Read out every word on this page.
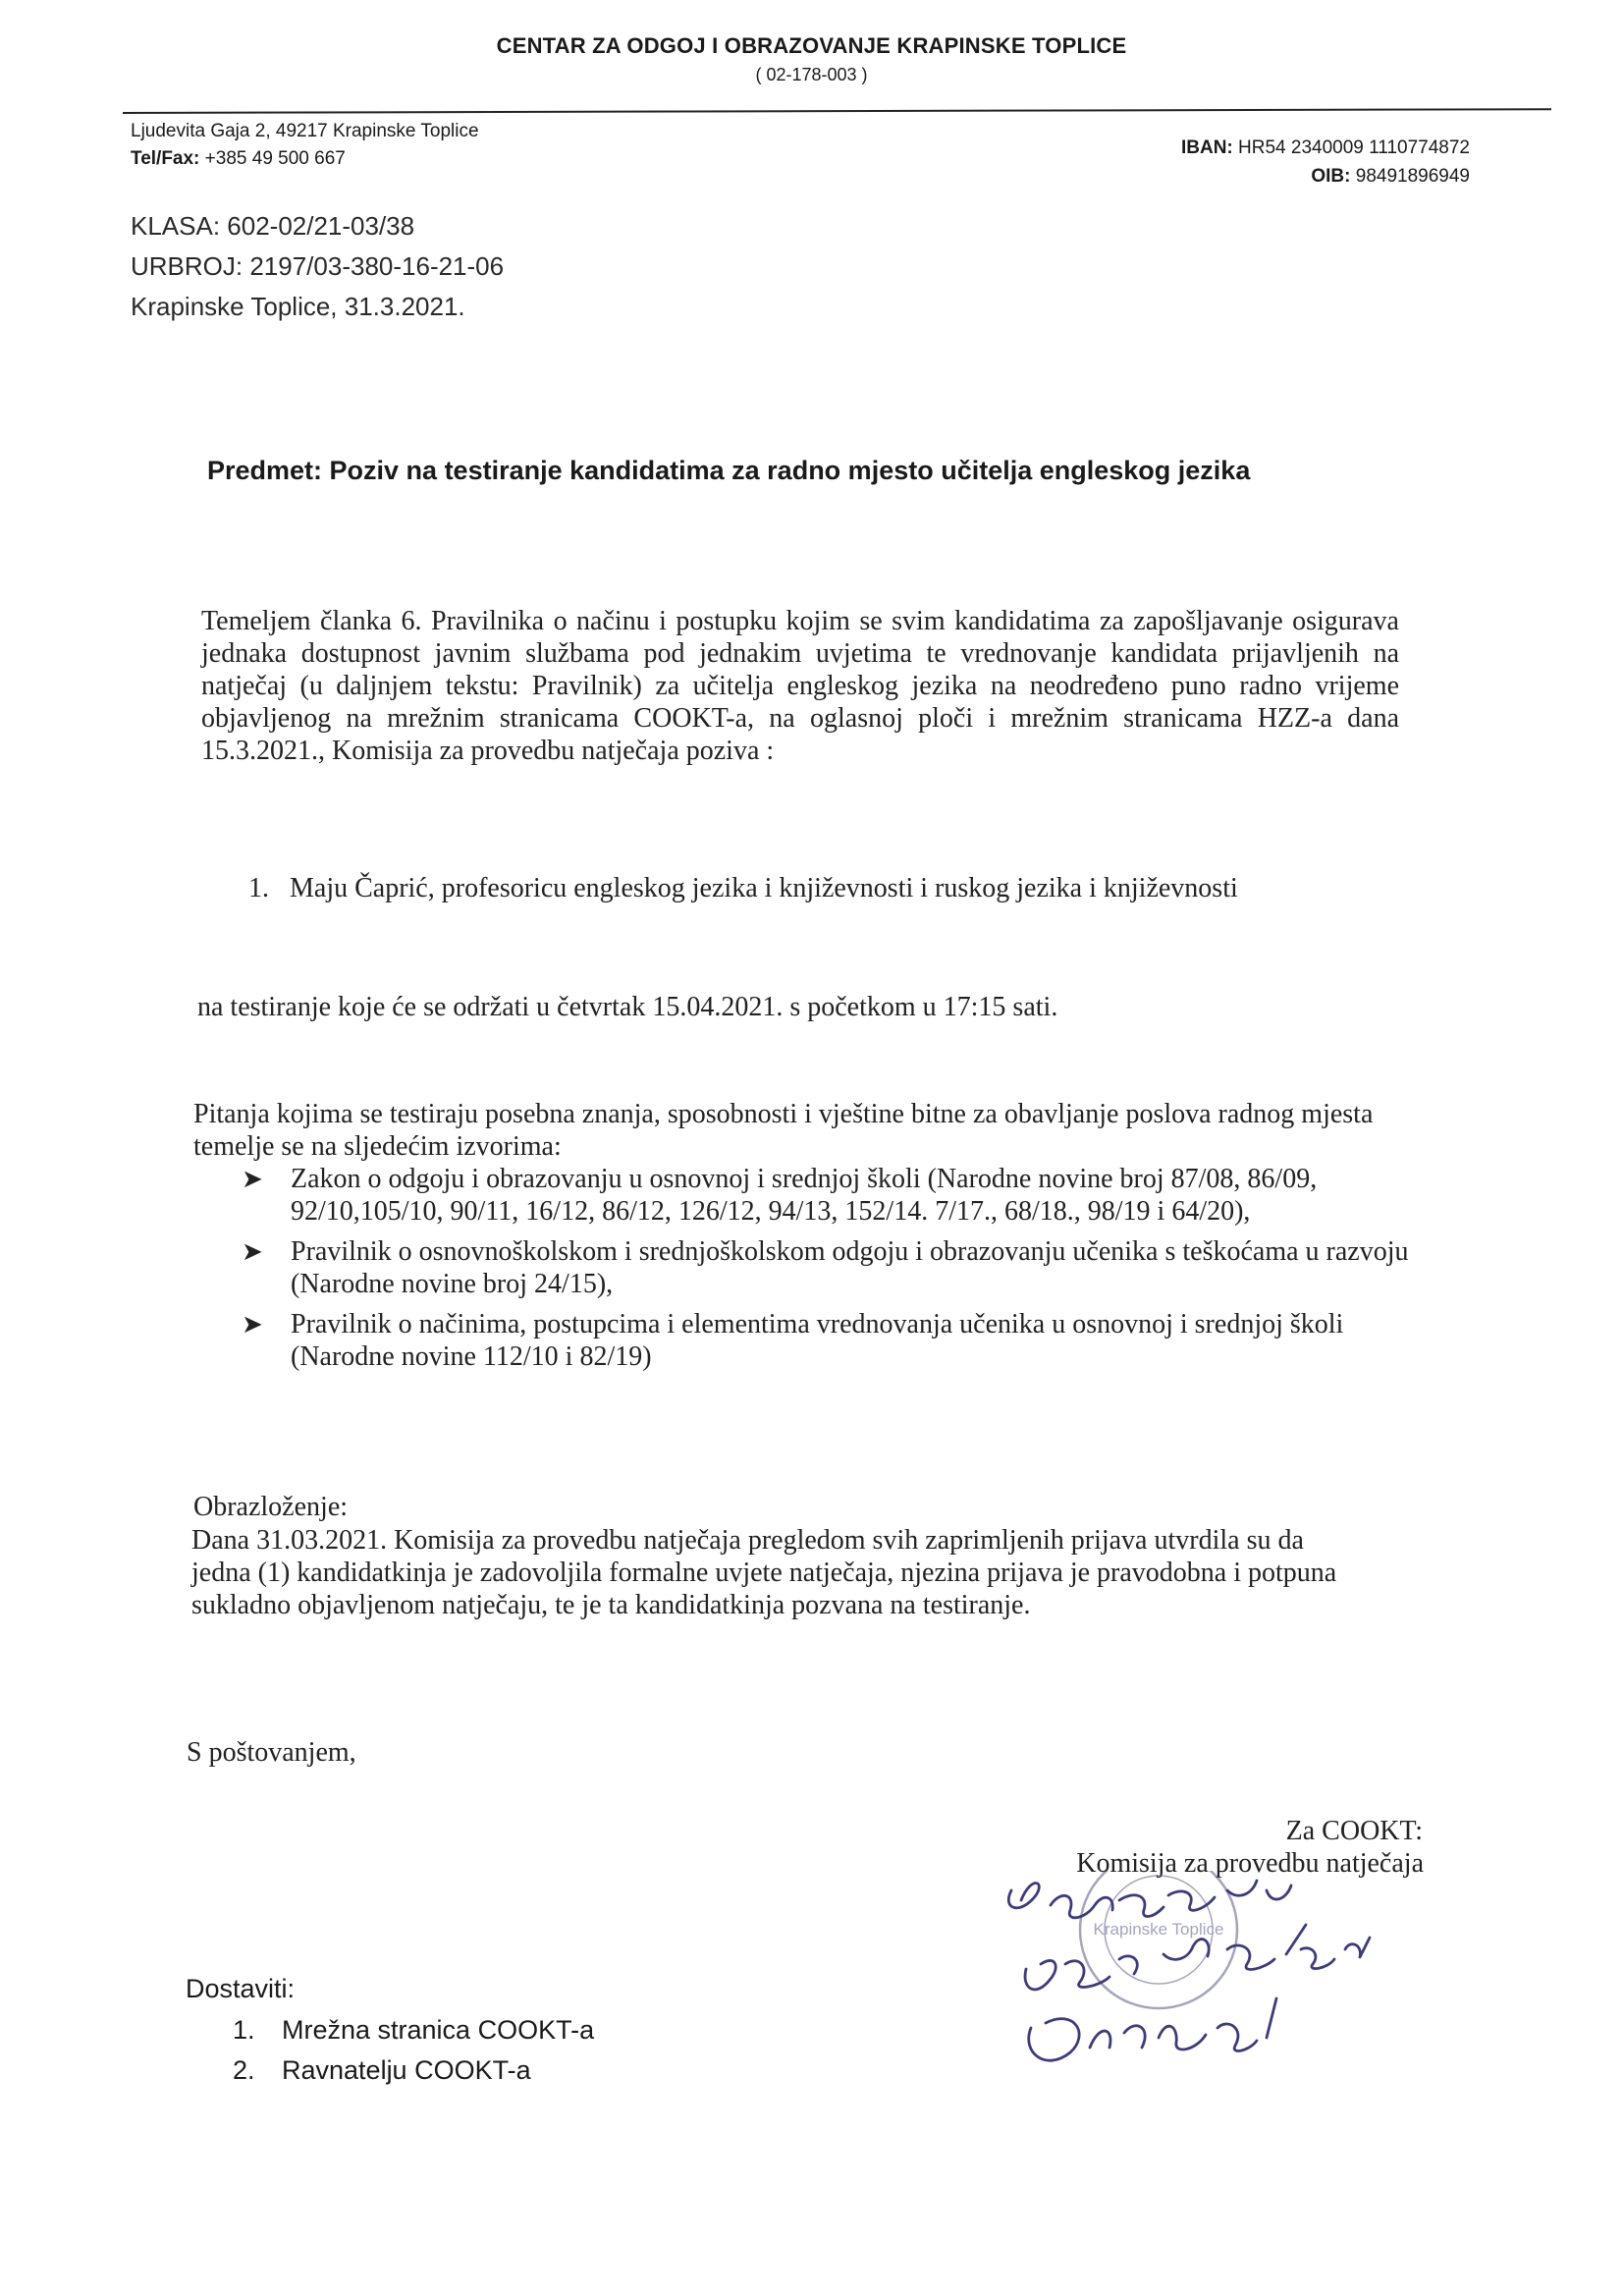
CENTAR ZA ODGOJ I OBRAZOVANJE KRAPINSKE TOPLICE
( 02-178-003 )
Ljudevita Gaja 2, 49217 Krapinske Toplice
Tel/Fax: +385 49 500 667
IBAN: HR54 2340009 1110774872
OIB: 98491896949
KLASA: 602-02/21-03/38
URBROJ: 2197/03-380-16-21-06
Krapinske Toplice, 31.3.2021.
Predmet: Poziv na testiranje kandidatima za radno mjesto učitelja engleskog jezika
Temeljem članka 6. Pravilnika o načinu i postupku kojim se svim kandidatima za zapošljavanje osigurava jednaka dostupnost javnim službama pod jednakim uvjetima te vrednovanje kandidata prijavljenih na natječaj (u daljnjem tekstu: Pravilnik) za učitelja engleskog jezika na neodređeno puno radno vrijeme objavljenog na mrežnim stranicama COOKT-a, na oglasnoj ploči i mrežnim stranicama HZZ-a dana 15.3.2021., Komisija za provedbu natječaja poziva :
1. Maju Čaprić, profesoricu engleskog jezika i književnosti i ruskog jezika i književnosti
na testiranje koje će se održati u četvrtak 15.04.2021. s početkom u 17:15 sati.
Pitanja kojima se testiraju posebna znanja, sposobnosti i vještine bitne za obavljanje poslova radnog mjesta temelje se na sljedećim izvorima:
➤ Zakon o odgoju i obrazovanju u osnovnoj i srednjoj školi (Narodne novine broj 87/08, 86/09, 92/10,105/10, 90/11, 16/12, 86/12, 126/12, 94/13, 152/14. 7/17., 68/18., 98/19 i 64/20),
➤ Pravilnik o osnovnoškolskom i srednjoškolskom odgoju i obrazovanju učenika s teškoćama u razvoju (Narodne novine broj 24/15),
➤ Pravilnik o načinima, postupcima i elementima vrednovanja učenika u osnovnoj i srednjoj školi (Narodne novine 112/10 i 82/19)
Obrazloženje:
Dana 31.03.2021. Komisija za provedbu natječaja pregledom svih zaprimljenih prijava utvrdila su da jedna (1) kandidatkinja je zadovoljila formalne uvjete natječaja, njezina prijava je pravodobna i potpuna sukladno objavljenom natječaju, te je ta kandidatkinja pozvana na testiranje.
S poštovanjem,
Za COOKT:
Komisija za provedbu natječaja
Krapinske Toplice
Dostaviti:
1. Mrežna stranica COOKT-a
2. Ravnatelju COOKT-a
